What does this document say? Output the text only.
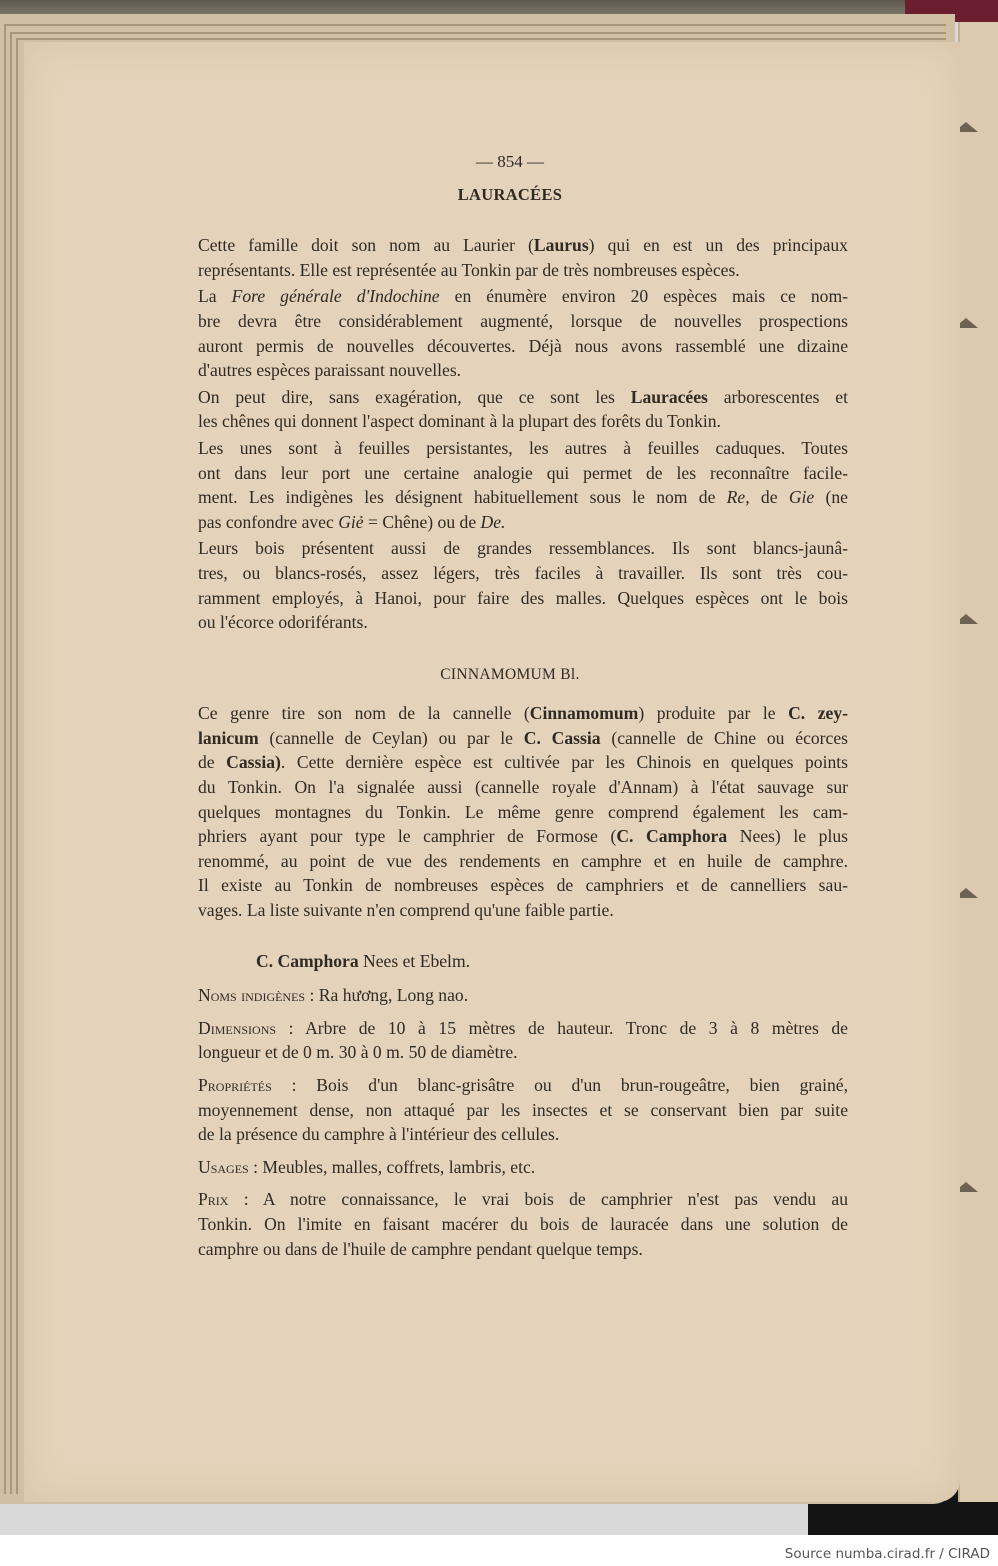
— 854 —
LAURACÉES

Cette famille doit son nom au Laurier (Laurus) qui en est un des principaux
représentants. Elle est représentée au Tonkin par de très nombreuses espèces.

La Fore générale d'Indochine en énumère environ 20 espèces mais ce nom-
bre devra être considérablement augmenté, lorsque de nouvelles prospections
auront permis de nouvelles découvertes. Déjà nous avons rassemblé une dizaine
d'autres espèces paraissant nouvelles.

On peut dire, sans exagération, que ce sont les Lauracées arborescentes et
les chênes qui donnent l'aspect dominant à la plupart des forêts du Tonkin.

Les unes sont à feuilles persistantes, les autres à feuilles caduques. Toutes
ont dans leur port une certaine analogie qui permet de les reconnaître facile-
ment. Les indigènes les désignent habituellement sous le nom de Re, de Gie (ne
pas confondre avec Giẻ = Chêne) ou de De.

Leurs bois présentent aussi de grandes ressemblances. Ils sont blancs-jaunâ-
tres, ou blancs-rosés, assez légers, très faciles à travailler. Ils sont très cou-
ramment employés, à Hanoi, pour faire des malles. Quelques espèces ont le bois
ou l'écorce odoriférants.

CINNAMOMUM Bl.

Ce genre tire son nom de la cannelle (Cinnamomum) produite par le C. zey-
lanicum (cannelle de Ceylan) ou par le C. Cassia (cannelle de Chine ou écorces
de Cassia). Cette dernière espèce est cultivée par les Chinois en quelques points
du Tonkin. On l'a signalée aussi (cannelle royale d'Annam) à l'état sauvage sur
quelques montagnes du Tonkin. Le même genre comprend également les cam-
phriers ayant pour type le camphrier de Formose (C. Camphora Nees) le plus
renommé, au point de vue des rendements en camphre et en huile de camphre.
Il existe au Tonkin de nombreuses espèces de camphriers et de cannelliers sau-
vages. La liste suivante n'en comprend qu'une faible partie.

C. Camphora Nees et Ebelm.

Noms indigènes : Ra hương, Long nao.

Dimensions : Arbre de 10 à 15 mètres de hauteur. Tronc de 3 à 8 mètres de
longueur et de 0 m. 30 à 0 m. 50 de diamètre.

Propriétés : Bois d'un blanc-grisâtre ou d'un brun-rougeâtre, bien grainé,
moyennement dense, non attaqué par les insectes et se conservant bien par suite
de la présence du camphre à l'intérieur des cellules.

Usages : Meubles, malles, coffrets, lambris, etc.

Prix : A notre connaissance, le vrai bois de camphrier n'est pas vendu au
Tonkin. On l'imite en faisant macérer du bois de lauracée dans une solution de
camphre ou dans de l'huile de camphre pendant quelque temps.

Source numba.cirad.fr / CIRAD
